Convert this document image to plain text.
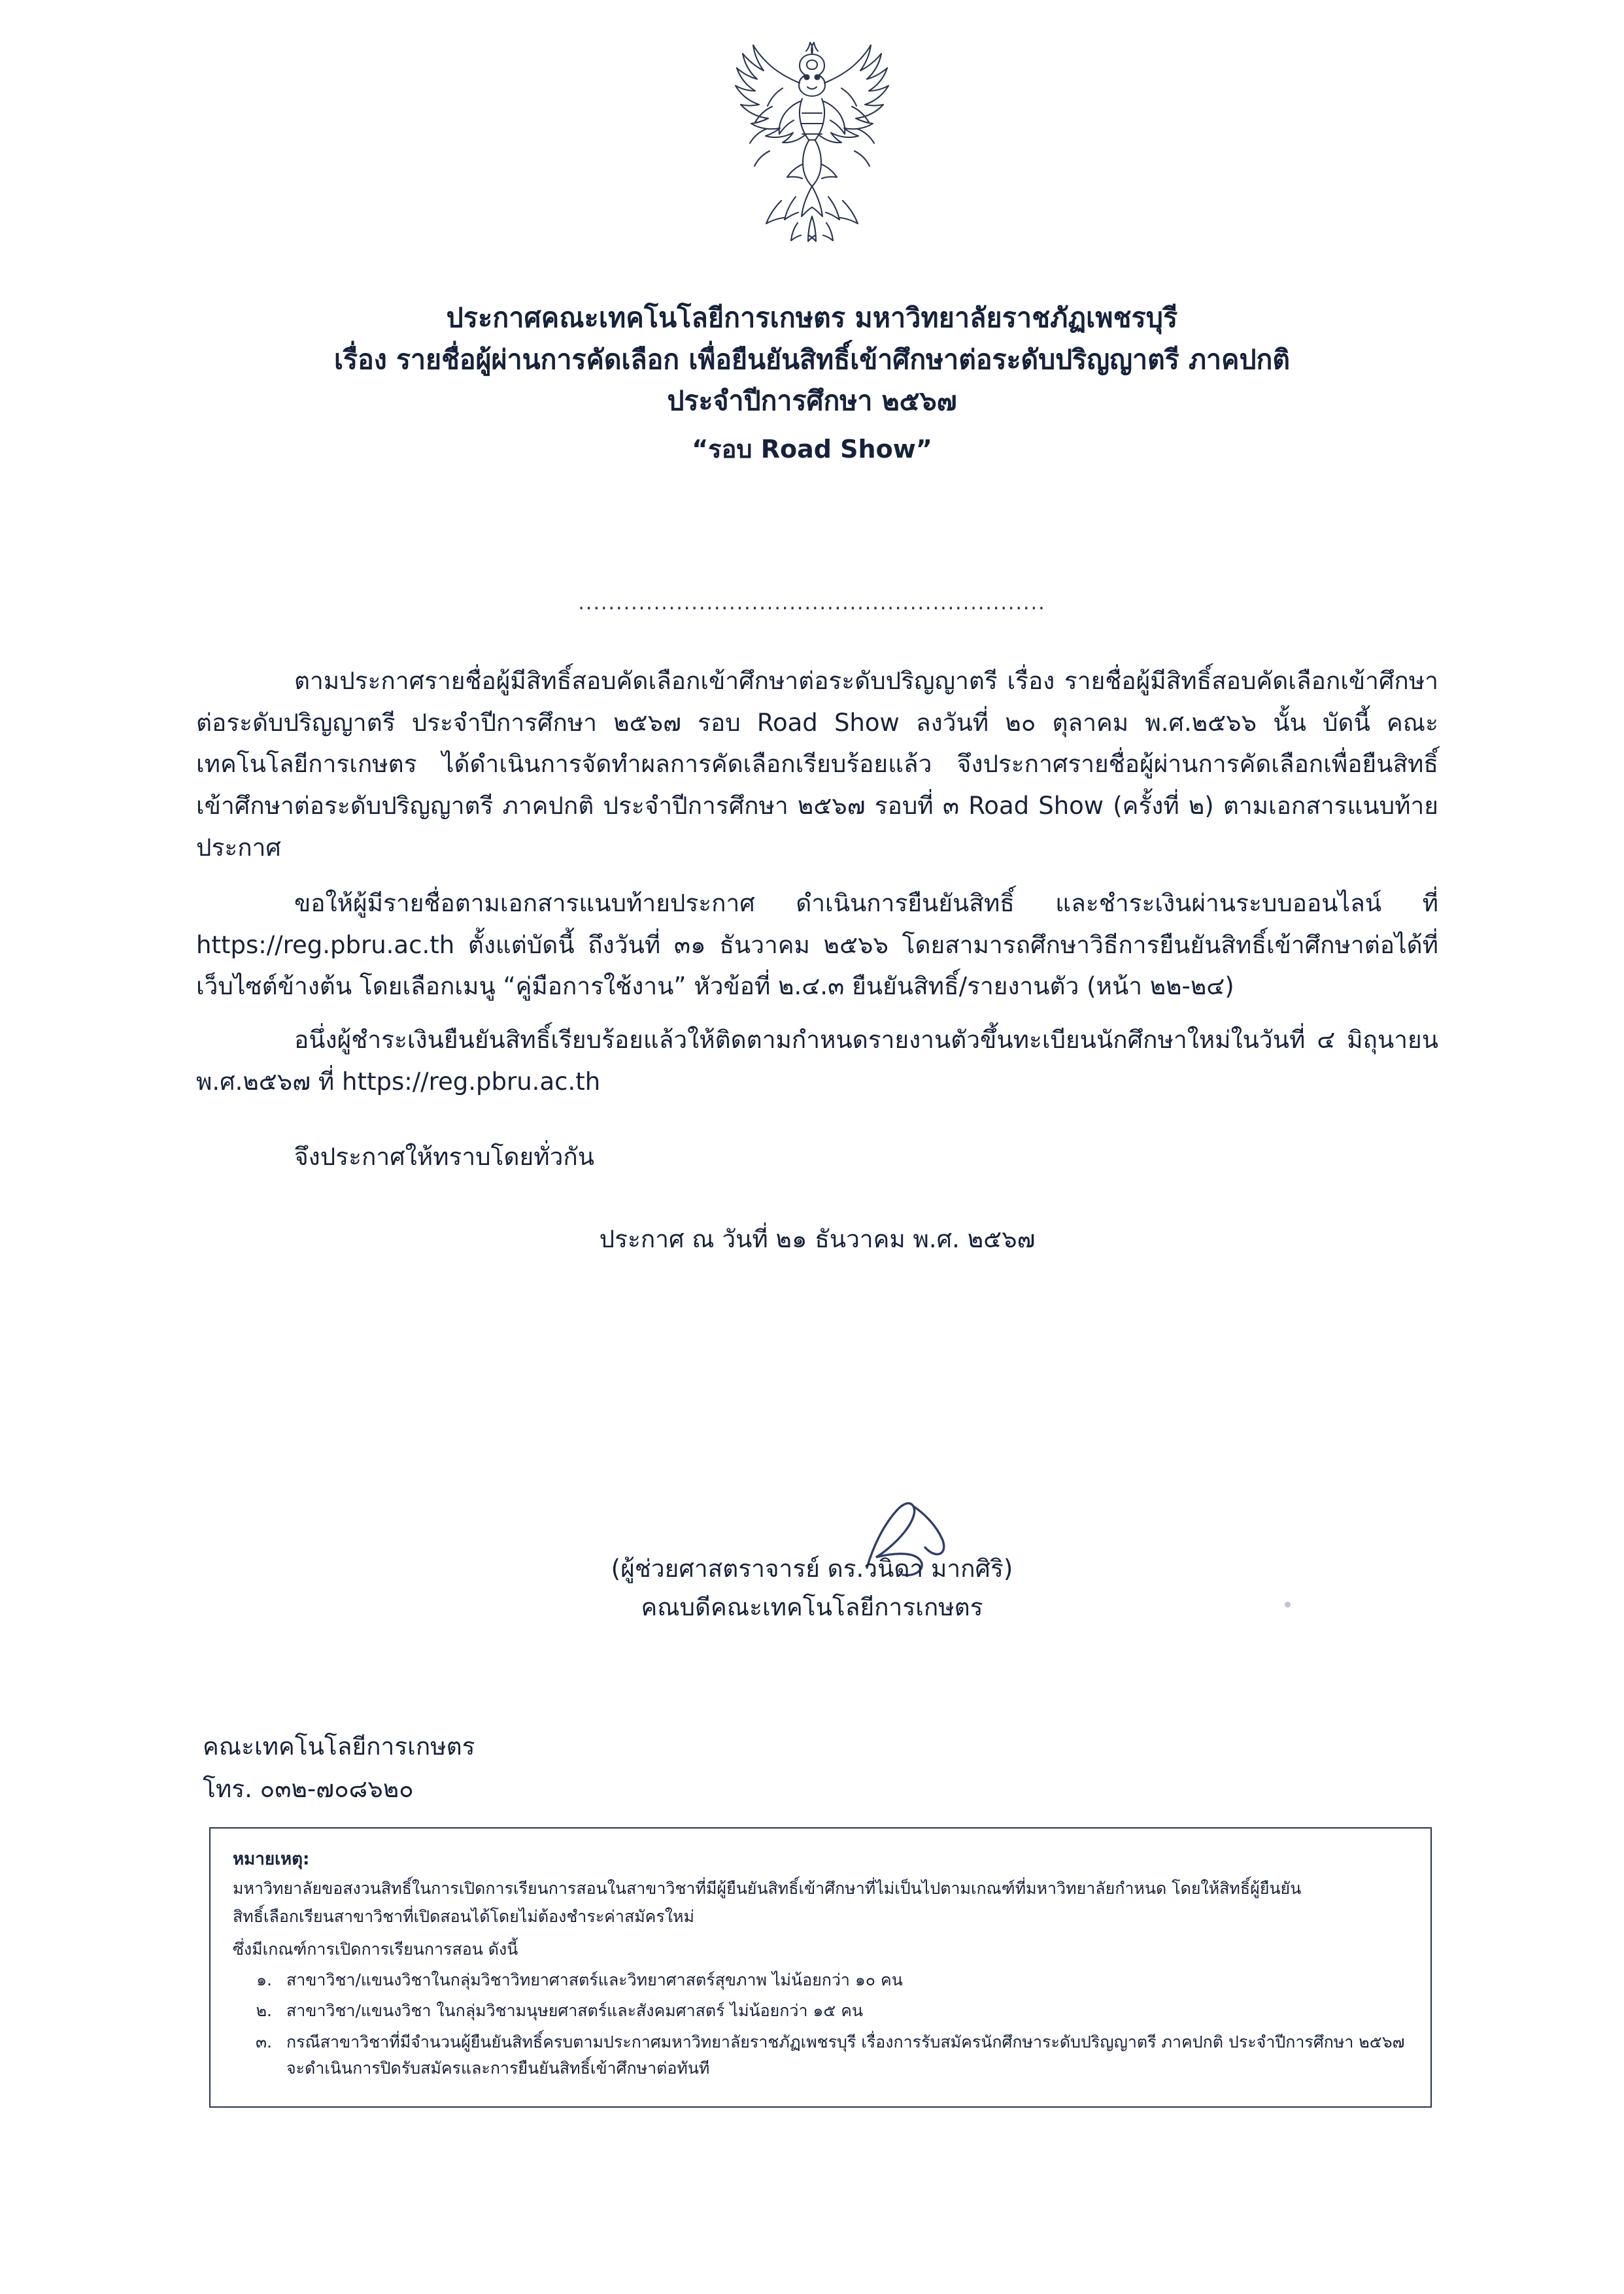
ประกาศคณะเทคโนโลยีการเกษตร มหาวิทยาลัยราชภัฏเพชรบุรี
เรื่อง รายชื่อผู้ผ่านการคัดเลือก เพื่อยืนยันสิทธิ์เข้าศึกษาต่อระดับปริญญาตรี ภาคปกติ
ประจำปีการศึกษา ๒๕๖๗
“รอบ Road Show”
..............................................................

ตามประกาศรายชื่อผู้มีสิทธิ์สอบคัดเลือกเข้าศึกษาต่อระดับปริญญาตรี เรื่อง รายชื่อผู้มีสิทธิ์สอบคัดเลือกเข้าศึกษาต่อระดับปริญญาตรี ประจำปีการศึกษา ๒๕๖๗ รอบ Road Show ลงวันที่ ๒๐ ตุลาคม พ.ศ.๒๕๖๖ นั้น บัดนี้ คณะเทคโนโลยีการเกษตร ได้ดำเนินการจัดทำผลการคัดเลือกเรียบร้อยแล้ว จึงประกาศรายชื่อผู้ผ่านการคัดเลือกเพื่อยืนสิทธิ์เข้าศึกษาต่อระดับปริญญาตรี ภาคปกติ ประจำปีการศึกษา ๒๕๖๗ รอบที่ ๓ Road Show (ครั้งที่ ๒) ตามเอกสารแนบท้ายประกาศ

ขอให้ผู้มีรายชื่อตามเอกสารแนบท้ายประกาศ ดำเนินการยืนยันสิทธิ์ และชำระเงินผ่านระบบออนไลน์ ที่ https://reg.pbru.ac.th ตั้งแต่บัดนี้ ถึงวันที่ ๓๑ ธันวาคม ๒๕๖๖ โดยสามารถศึกษาวิธีการยืนยันสิทธิ์เข้าศึกษาต่อได้ที่เว็บไซต์ข้างต้น โดยเลือกเมนู “คู่มือการใช้งาน” หัวข้อที่ ๒.๔.๓ ยืนยันสิทธิ์/รายงานตัว (หน้า ๒๒-๒๔)

อนึ่งผู้ชำระเงินยืนยันสิทธิ์เรียบร้อยแล้วให้ติดตามกำหนดรายงานตัวขึ้นทะเบียนนักศึกษาใหม่ในวันที่ ๔ มิถุนายน พ.ศ.๒๕๖๗ ที่ https://reg.pbru.ac.th

จึงประกาศให้ทราบโดยทั่วกัน

ประกาศ ณ วันที่ ๒๑ ธันวาคม พ.ศ. ๒๕๖๗

(ผู้ช่วยศาสตราจารย์ ดร.วนิดา มากศิริ)
คณบดีคณะเทคโนโลยีการเกษตร
คณะเทคโนโลยีการเกษตร
โทร. ๐๓๒-๗๐๘๖๒๐
หมายเหตุ:

มหาวิทยาลัยขอสงวนสิทธิ์ในการเปิดการเรียนการสอนในสาขาวิชาที่มีผู้ยืนยันสิทธิ์เข้าศึกษาที่ไม่เป็นไปตามเกณฑ์ที่มหาวิทยาลัยกำหนด โดยให้สิทธิ์ผู้ยืนยัน

สิทธิ์เลือกเรียนสาขาวิชาที่เปิดสอนได้โดยไม่ต้องชำระค่าสมัครใหม่

ซึ่งมีเกณฑ์การเปิดการเรียนการสอน ดังนี้

๑. สาขาวิชา/แขนงวิชาในกลุ่มวิชาวิทยาศาสตร์และวิทยาศาสตร์สุขภาพ ไม่น้อยกว่า ๑๐ คน
๒. สาขาวิชา/แขนงวิชา ในกลุ่มวิชามนุษยศาสตร์และสังคมศาสตร์ ไม่น้อยกว่า ๑๕ คน
๓. กรณีสาขาวิชาที่มีจำนวนผู้ยืนยันสิทธิ์ครบตามประกาศมหาวิทยาลัยราชภัฏเพชรบุรี เรื่องการรับสมัครนักศึกษาระดับปริญญาตรี ภาคปกติ ประจำปีการศึกษา ๒๕๖๗ จะดำเนินการปิดรับสมัครและการยืนยันสิทธิ์เข้าศึกษาต่อทันที
